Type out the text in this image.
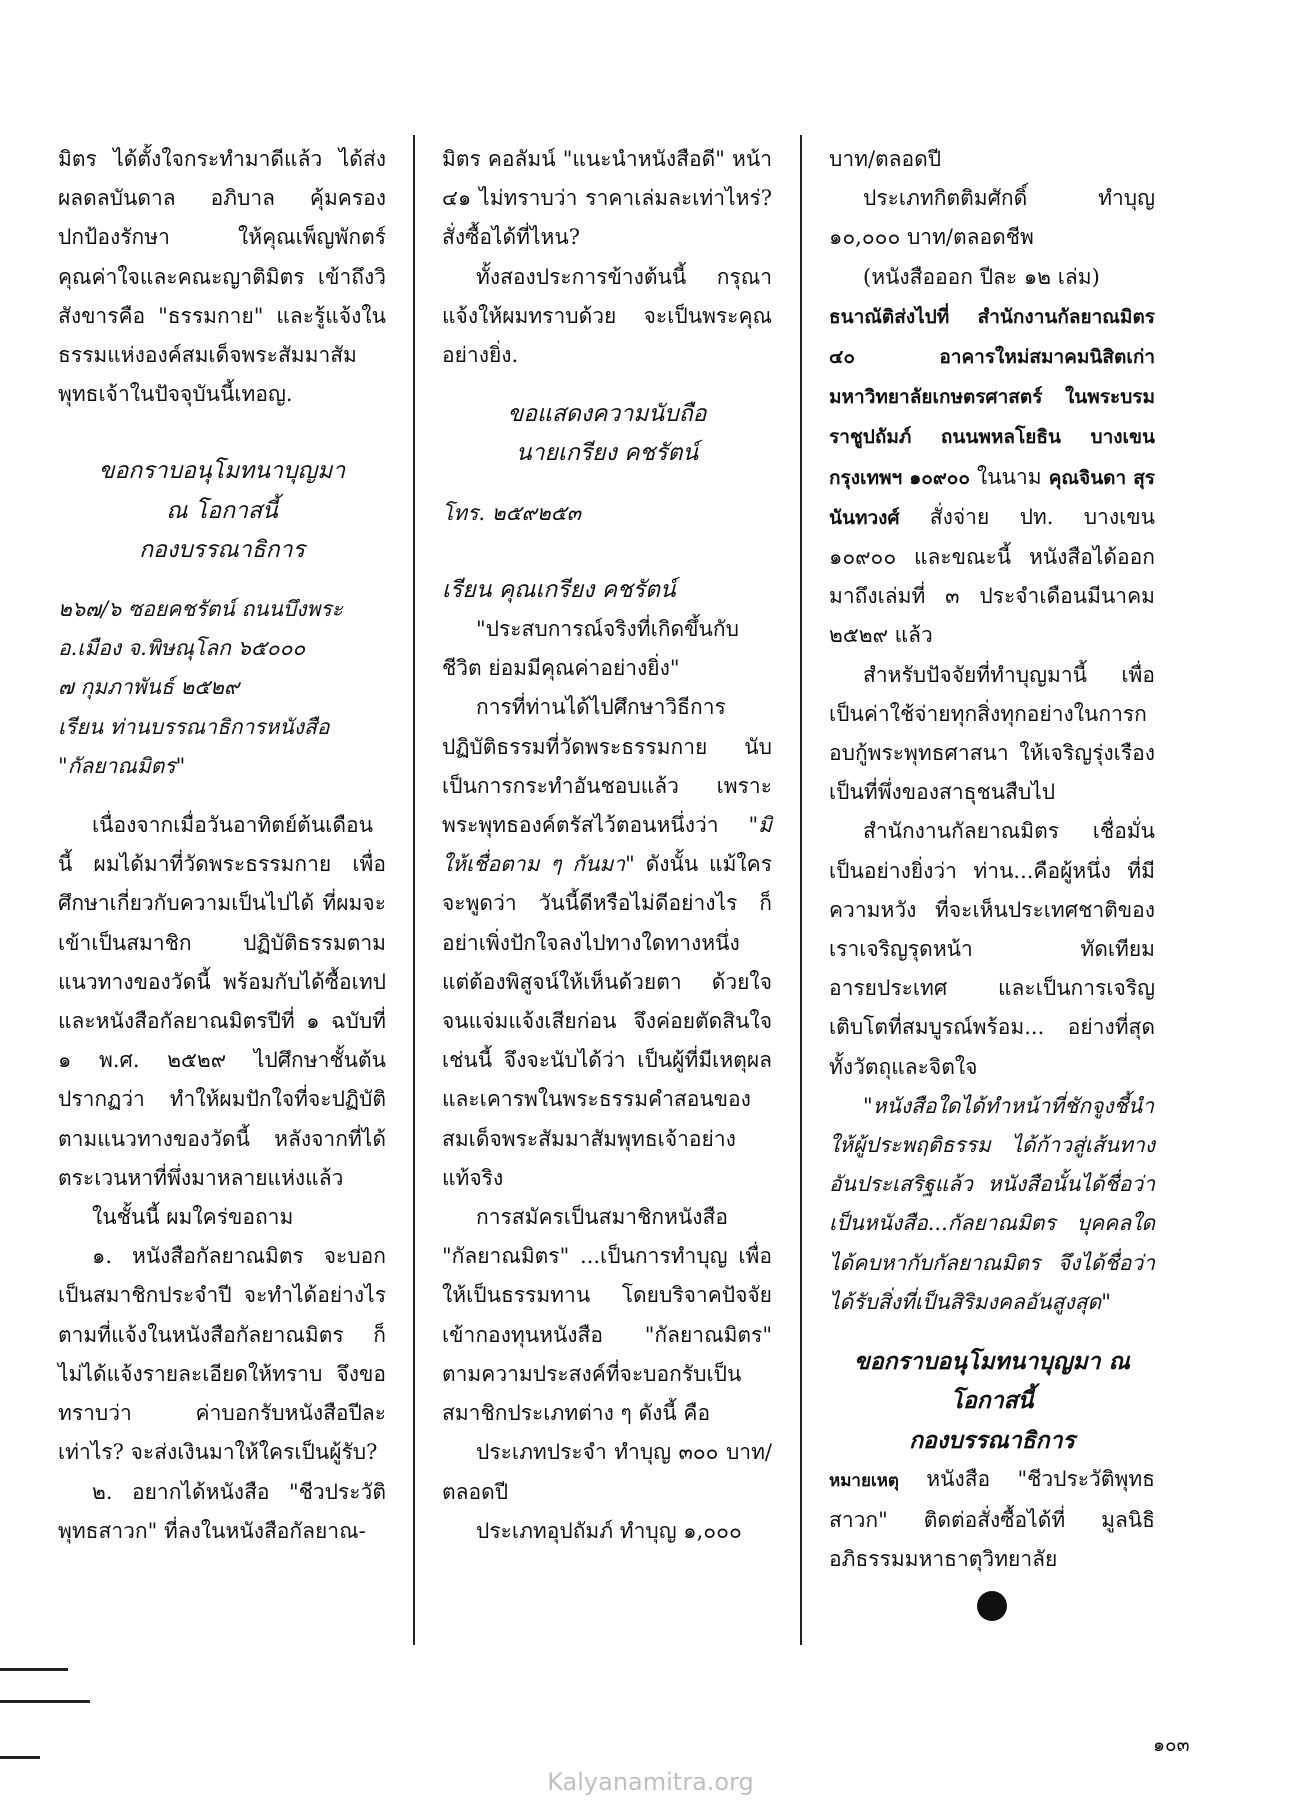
มิตร ได้ตั้งใจกระทำมาดีแล้ว ได้ส่งผลดลบันดาล อภิบาล คุ้มครอง ปกป้องรักษา ให้คุณเพ็ญพักตร์ คุณค่าใจและคณะญาติมิตร เข้าถึงวิสังขารคือ "ธรรมกาย" และรู้แจ้งในธรรมแห่งองค์สมเด็จพระสัมมาสัมพุทธเจ้าในปัจจุบันนี้เทอญ.

ขอกราบอนุโมทนาบุญมา

ณ โอกาสนี้

กองบรรณาธิการ

๒๖๗/๖ ซอยคชรัตน์ ถนนบึงพระ

อ.เมือง จ.พิษณุโลก ๖๕๐๐๐

๗ กุมภาพันธ์ ๒๕๒๙

เรียน ท่านบรรณาธิการหนังสือ

"กัลยาณมิตร"

เนื่องจากเมื่อวันอาทิตย์ต้นเดือนนี้ ผมได้มาที่วัดพระธรรมกาย เพื่อศึกษาเกี่ยวกับความเป็นไปได้ ที่ผมจะเข้าเป็นสมาชิก ปฏิบัติธรรมตามแนวทางของวัดนี้ พร้อมกับได้ซื้อเทป และหนังสือกัลยาณมิตรปีที่ ๑ ฉบับที่ ๑ พ.ศ. ๒๕๒๙ ไปศึกษาชั้นต้น ปรากฏว่า ทำให้ผมปักใจที่จะปฏิบัติตามแนวทางของวัดนี้ หลังจากที่ได้ตระเวนหาที่พึ่งมาหลายแห่งแล้ว

ในชั้นนี้ ผมใคร่ขอถาม

๑. หนังสือกัลยาณมิตร จะบอกเป็นสมาชิกประจำปี จะทำได้อย่างไร ตามที่แจ้งในหนังสือกัลยาณมิตร ก็ไม่ได้แจ้งรายละเอียดให้ทราบ จึงขอทราบว่า ค่าบอกรับหนังสือปีละเท่าไร? จะส่งเงินมาให้ใครเป็นผู้รับ?

๒. อยากได้หนังสือ "ชีวประวัติพุทธสาวก" ที่ลงในหนังสือกัลยาณ-

มิตร คอลัมน์ "แนะนำหนังสือดี" หน้า ๔๑ ไม่ทราบว่า ราคาเล่มละเท่าไหร่? สั่งซื้อได้ที่ไหน?

ทั้งสองประการข้างต้นนี้ กรุณาแจ้งให้ผมทราบด้วย จะเป็นพระคุณอย่างยิ่ง.

ขอแสดงความนับถือ

นายเกรียง คชรัตน์

โทร. ๒๕๙๒๕๓

เรียน คุณเกรียง คชรัตน์

"ประสบการณ์จริงที่เกิดขึ้นกับชีวิต ย่อมมีคุณค่าอย่างยิ่ง"

การที่ท่านได้ไปศึกษาวิธีการปฏิบัติธรรมที่วัดพระธรรมกาย นับเป็นการกระทำอันชอบแล้ว เพราะพระพุทธองค์ตรัสไว้ตอนหนึ่งว่า "มิให้เชื่อตาม ๆ กันมา" ดังนั้น แม้ใครจะพูดว่า วันนี้ดีหรือไม่ดีอย่างไร ก็อย่าเพิ่งปักใจลงไปทางใดทางหนึ่ง แต่ต้องพิสูจน์ให้เห็นด้วยตา ด้วยใจจนแจ่มแจ้งเสียก่อน จึงค่อยตัดสินใจเช่นนี้ จึงจะนับได้ว่า เป็นผู้ที่มีเหตุผลและเคารพในพระธรรมคำสอนของสมเด็จพระสัมมาสัมพุทธเจ้าอย่างแท้จริง

การสมัครเป็นสมาชิกหนังสือ "กัลยาณมิตร" ...เป็นการทำบุญ เพื่อให้เป็นธรรมทาน โดยบริจาคปัจจัยเข้ากองทุนหนังสือ "กัลยาณมิตร" ตามความประสงค์ที่จะบอกรับเป็นสมาชิกประเภทต่าง ๆ ดังนี้ คือ

ประเภทประจำ ทำบุญ ๓๐๐ บาท/ตลอดปี

ประเภทอุปถัมภ์ ทำบุญ ๑,๐๐๐

บาท/ตลอดปี

ประเภทกิตติมศักดิ์ ทำบุญ ๑๐,๐๐๐ บาท/ตลอดชีพ

(หนังสือออก ปีละ ๑๒ เล่ม)

ธนาณัติส่งไปที่ สำนักงานกัลยาณมิตร ๔๐ อาคารใหม่สมาคมนิสิตเก่ามหาวิทยาลัยเกษตรศาสตร์ ในพระบรมราชูปถัมภ์ ถนนพหลโยธิน บางเขน กรุงเทพฯ ๑๐๙๐๐ ในนาม คุณจินดา สุรนันทวงศ์ สั่งจ่าย ปท. บางเขน ๑๐๙๐๐ และขณะนี้ หนังสือได้ออกมาถึงเล่มที่ ๓ ประจำเดือนมีนาคม ๒๕๒๙ แล้ว

สำหรับปัจจัยที่ทำบุญมานี้ เพื่อเป็นค่าใช้จ่ายทุกสิ่งทุกอย่างในการกอบกู้พระพุทธศาสนา ให้เจริญรุ่งเรือง เป็นที่พึ่งของสาธุชนสืบไป

สำนักงานกัลยาณมิตร เชื่อมั่นเป็นอย่างยิ่งว่า ท่าน...คือผู้หนึ่ง ที่มีความหวัง ที่จะเห็นประเทศชาติของเราเจริญรุดหน้า ทัดเทียมอารยประเทศ และเป็นการเจริญเติบโตที่สมบูรณ์พร้อม... อย่างที่สุด ทั้งวัตถุและจิตใจ

"หนังสือใดได้ทำหน้าที่ชักจูงชี้นำ ให้ผู้ประพฤติธรรม ได้ก้าวสู่เส้นทางอันประเสริฐแล้ว หนังสือนั้นได้ชื่อว่าเป็นหนังสือ...กัลยาณมิตร บุคคลใด ได้คบหากับกัลยาณมิตร จึงได้ชื่อว่า ได้รับสิ่งที่เป็นสิริมงคลอันสูงสุด"

ขอกราบอนุโมทนาบุญมา ณ

โอกาสนี้

กองบรรณาธิการ

หมายเหตุ หนังสือ "ชีวประวัติพุทธสาวก" ติดต่อสั่งซื้อได้ที่ มูลนิธิอภิธรรมมหาธาตุวิทยาลัย

๑๐๓
Kalyanamitra.org
